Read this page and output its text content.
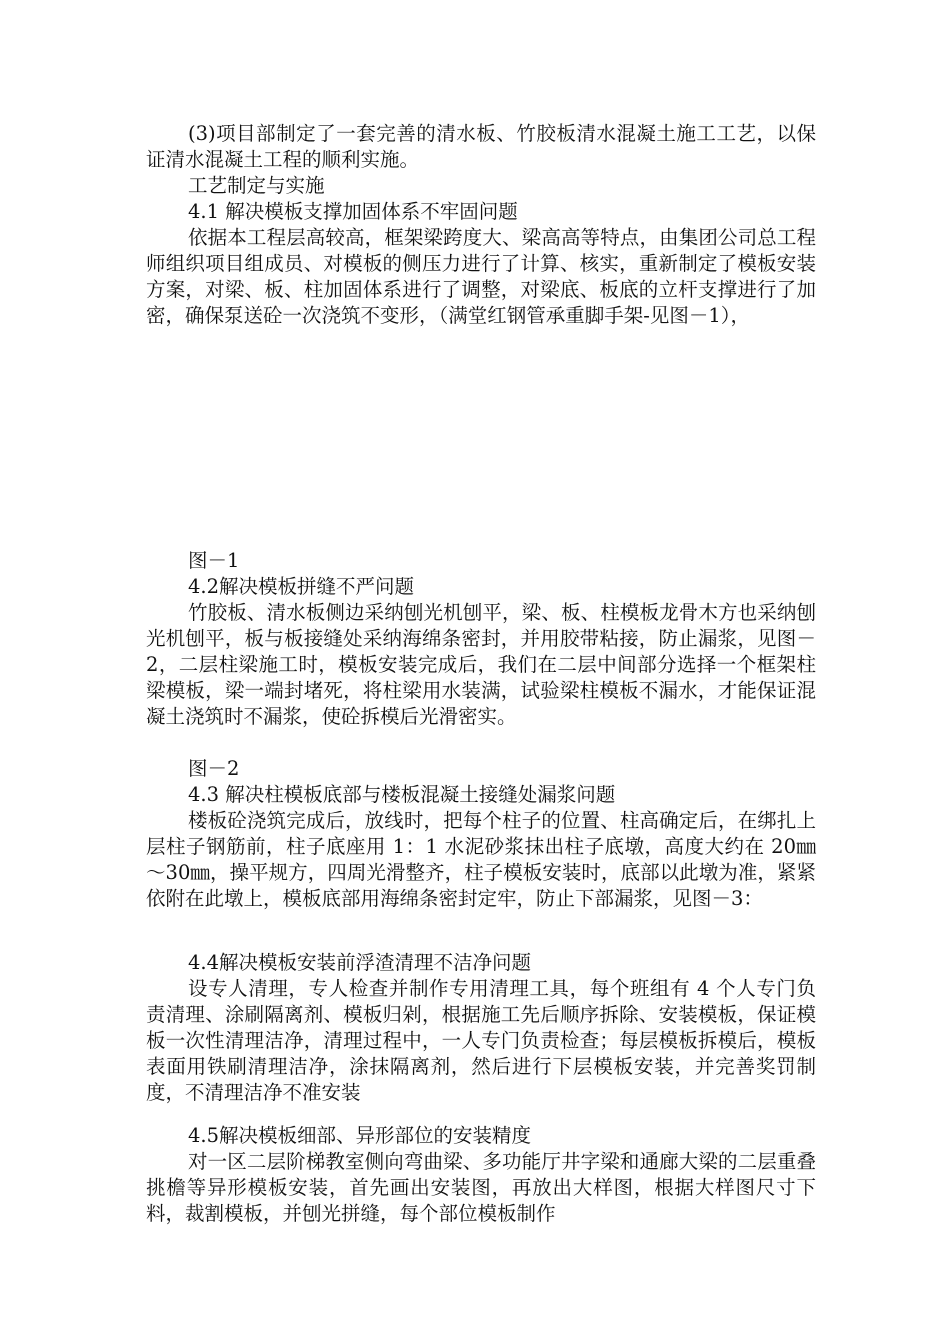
(3)项目部制定了一套完善的清水板、竹胶板清水混凝土施工工艺，以保证清水混凝土工程的顺利实施。
工艺制定与实施
4.1 解决模板支撑加固体系不牢固问题
依据本工程层高较高，框架梁跨度大、梁高高等特点，由集团公司总工程师组织项目组成员、对模板的侧压力进行了计算、核实，重新制定了模板安装方案，对梁、板、柱加固体系进行了调整，对梁底、板底的立杆支撑进行了加密，确保泵送砼一次浇筑不变形，（满堂红钢管承重脚手架-见图－1），
图－1
4.2解决模板拼缝不严问题
竹胶板、清水板侧边采纳刨光机刨平，梁、板、柱模板龙骨木方也采纳刨光机刨平，板与板接缝处采纳海绵条密封，并用胶带粘接，防止漏浆，见图－2，二层柱梁施工时，模板安装完成后，我们在二层中间部分选择一个框架柱梁模板，梁一端封堵死，将柱梁用水装满，试验梁柱模板不漏水，才能保证混凝土浇筑时不漏浆，使砼拆模后光滑密实。
图－2
4.3 解决柱模板底部与楼板混凝土接缝处漏浆问题
楼板砼浇筑完成后，放线时，把每个柱子的位置、柱高确定后，在绑扎上层柱子钢筋前，柱子底座用 1：1 水泥砂浆抹出柱子底墩，高度大约在 20㎜～30㎜，操平规方，四周光滑整齐，柱子模板安装时，底部以此墩为准，紧紧依附在此墩上，模板底部用海绵条密封定牢，防止下部漏浆，见图－3：
4.4解决模板安装前浮渣清理不洁净问题
设专人清理，专人检查并制作专用清理工具，每个班组有 4 个人专门负责清理、涂刷隔离剂、模板归剁，根据施工先后顺序拆除、安装模板，保证模板一次性清理洁净，清理过程中，一人专门负责检查；每层模板拆模后，模板表面用铁刷清理洁净，涂抹隔离剂，然后进行下层模板安装，并完善奖罚制度，不清理洁净不准安装
4.5解决模板细部、异形部位的安装精度
对一区二层阶梯教室侧向弯曲梁、多功能厅井字梁和通廊大梁的二层重叠挑檐等异形模板安装，首先画出安装图，再放出大样图，根据大样图尺寸下料，裁割模板，并刨光拼缝，每个部位模板制作
